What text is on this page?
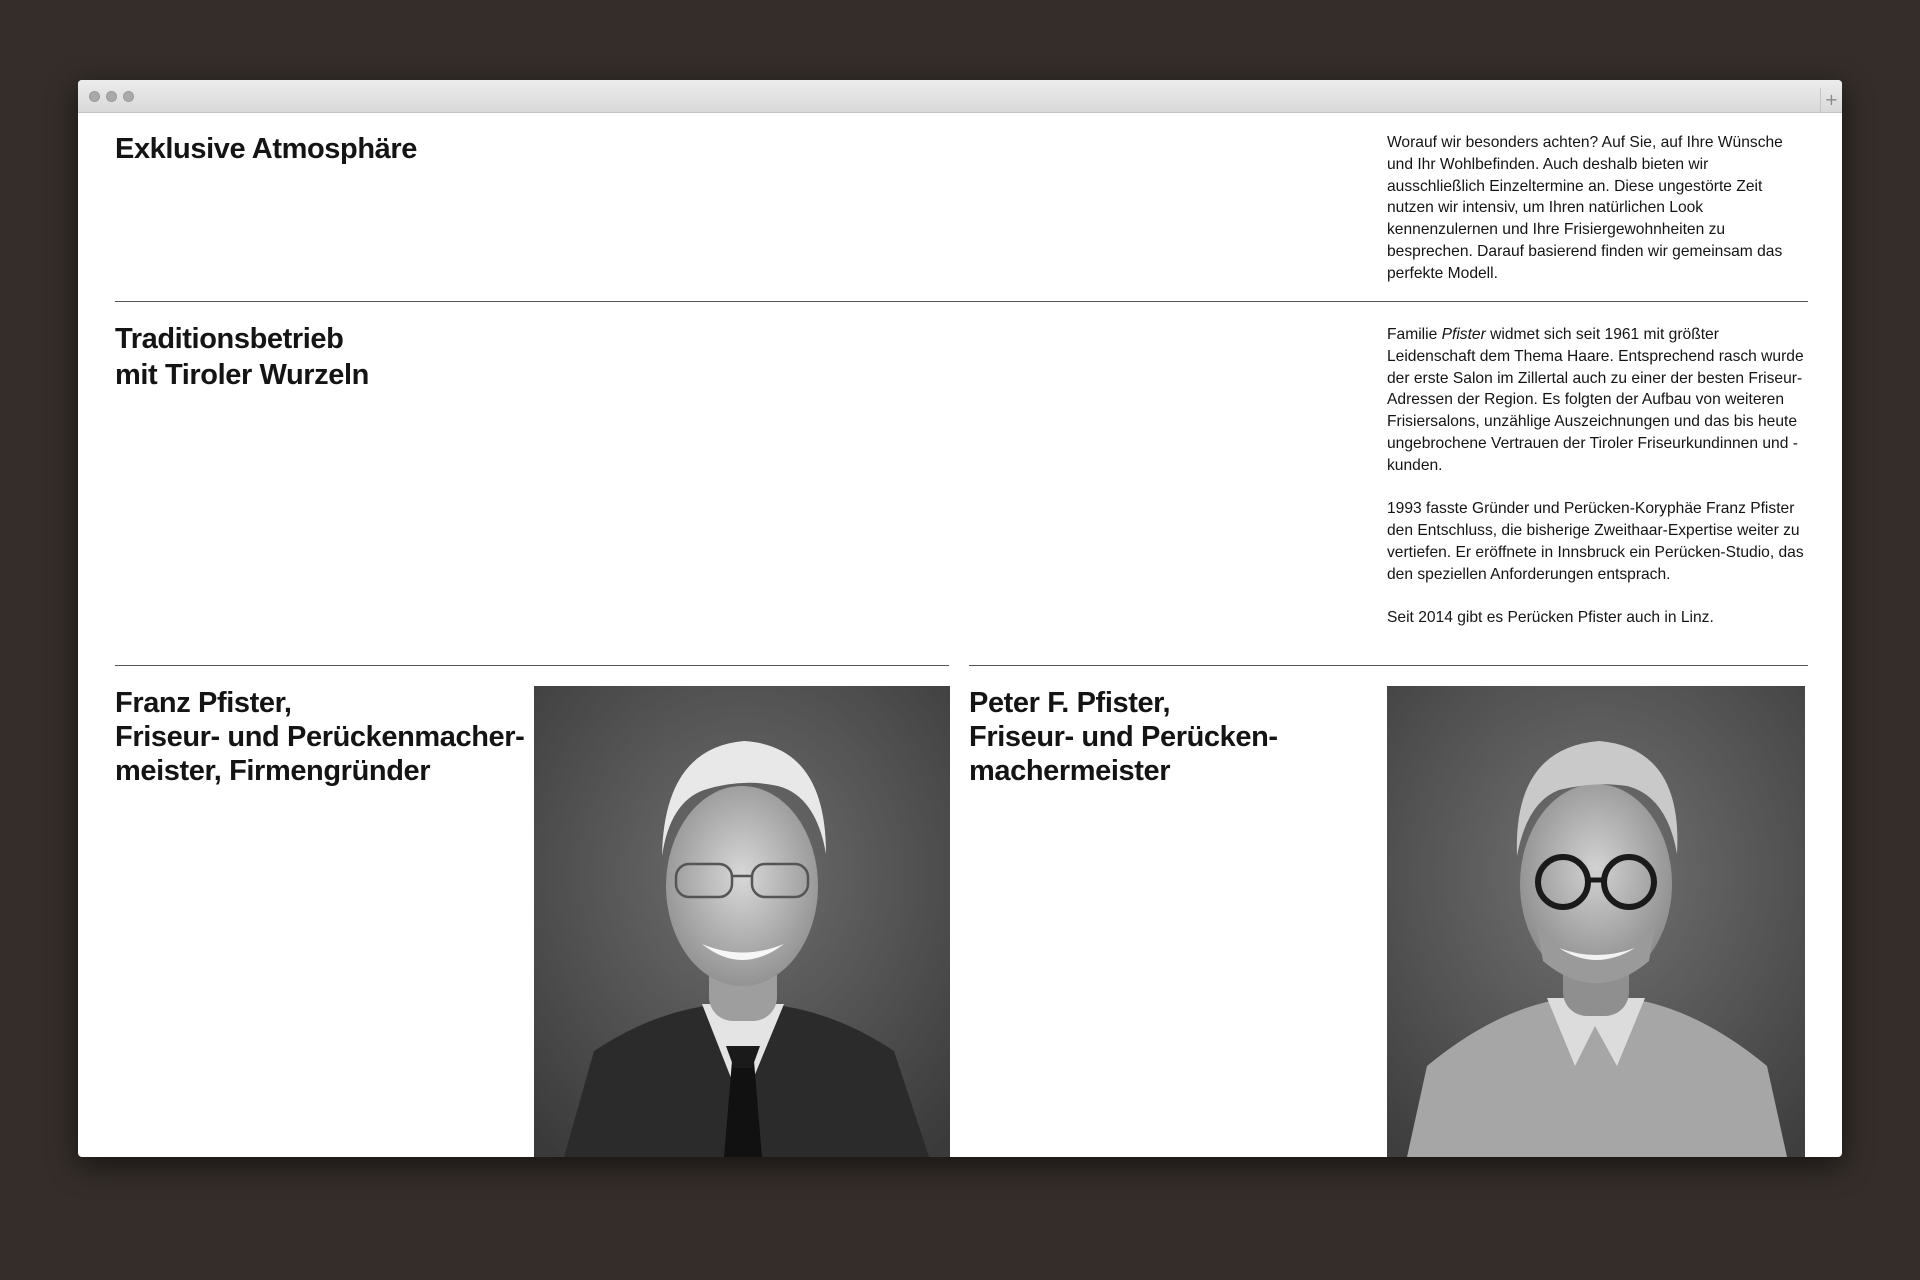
+
Exklusive Atmosphäre	Worauf wir besonders achten? Auf Sie, auf Ihre Wünsche und Ihr Wohlbefinden. Auch deshalb bieten wir ausschließlich Einzeltermine an. Diese ungestörte Zeit nutzen wir intensiv, um Ihren natürlichen Look kennenzulernen und Ihre Frisiergewohnheiten zu besprechen. Darauf basierend finden wir gemeinsam das perfekte Modell.

Traditionsbetrieb
mit Tiroler Wurzeln

Familie Pfister widmet sich seit 1961 mit größter Leidenschaft dem Thema Haare. Entsprechend rasch wurde der erste Salon im Zillertal auch zu einer der besten Friseur-Adressen der Region. Es folgten der Aufbau von weiteren Frisiersalons, unzählige Auszeichnungen und das bis heute ungebrochene Vertrauen der Tiroler Friseurkundinnen und -kunden.

1993 fasste Gründer und Perücken-Koryphäe Franz Pfister den Entschluss, die bisherige Zweithaar-Expertise weiter zu vertiefen. Er eröffnete in Innsbruck ein Perücken-Studio, das den speziellen Anforderungen entsprach.

Seit 2014 gibt es Perücken Pfister auch in Linz.

Franz Pfister,
Friseur- und Perückenmacher-
meister, Firmengründer
Peter F. Pfister,
Friseur- und Perücken-
machermeister
